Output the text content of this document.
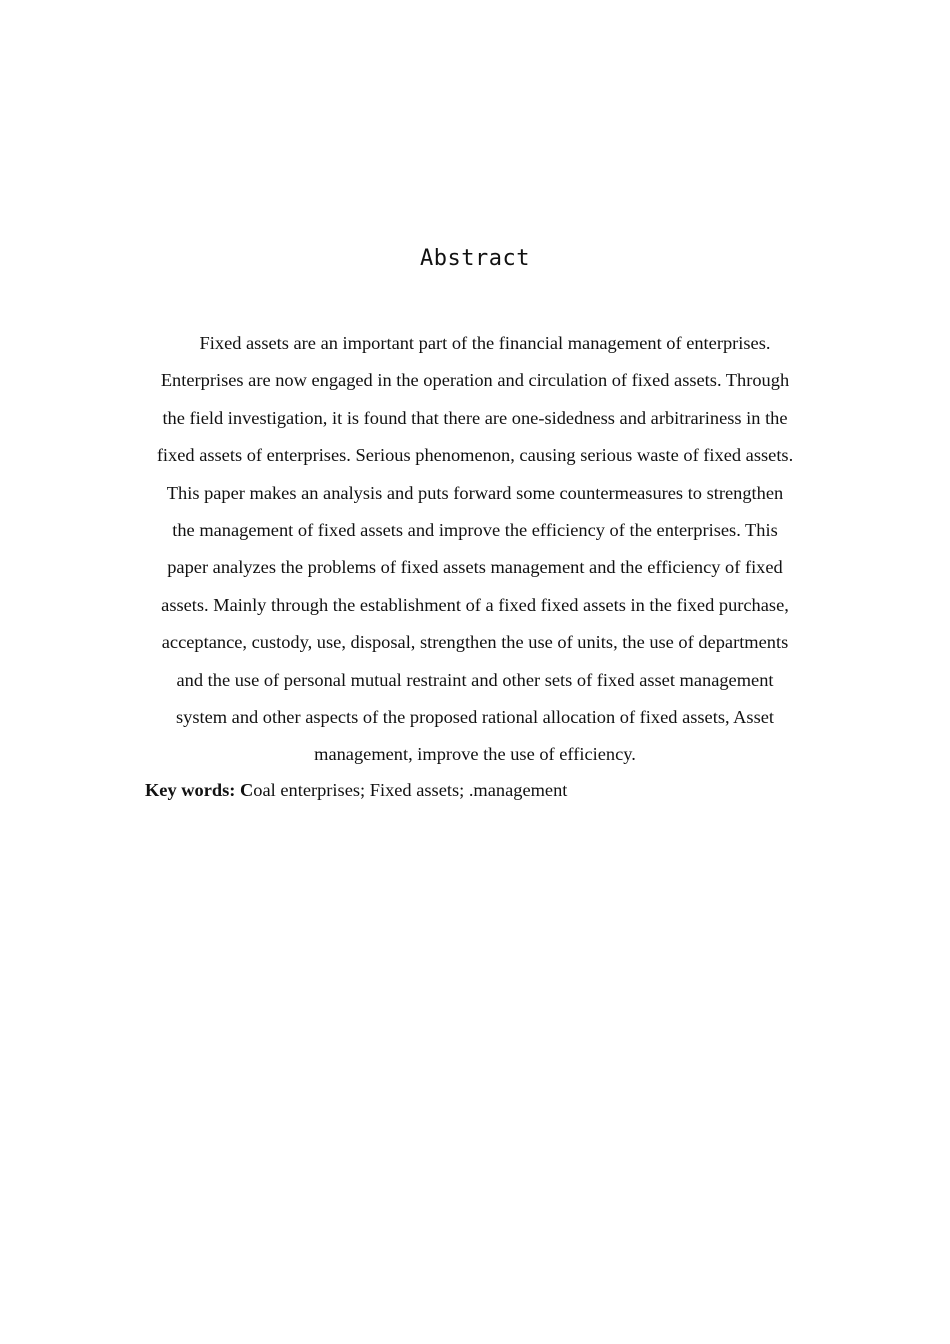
Abstract
Fixed assets are an important part of the financial management of enterprises.
Enterprises are now engaged in the operation and circulation of fixed assets. Through
the field investigation, it is found that there are one-sidedness and arbitrariness in the
fixed assets of enterprises. Serious phenomenon, causing serious waste of fixed assets.
This paper makes an analysis and puts forward some countermeasures to strengthen
the management of fixed assets and improve the efficiency of the enterprises. This
paper analyzes the problems of fixed assets management and the efficiency of fixed
assets. Mainly through the establishment of a fixed fixed assets in the fixed purchase,
acceptance, custody, use, disposal, strengthen the use of units, the use of departments
and the use of personal mutual restraint and other sets of fixed asset management
system and other aspects of the proposed rational allocation of fixed assets, Asset
management, improve the use of efficiency.
Key words: Coal enterprises; Fixed assets; .management
